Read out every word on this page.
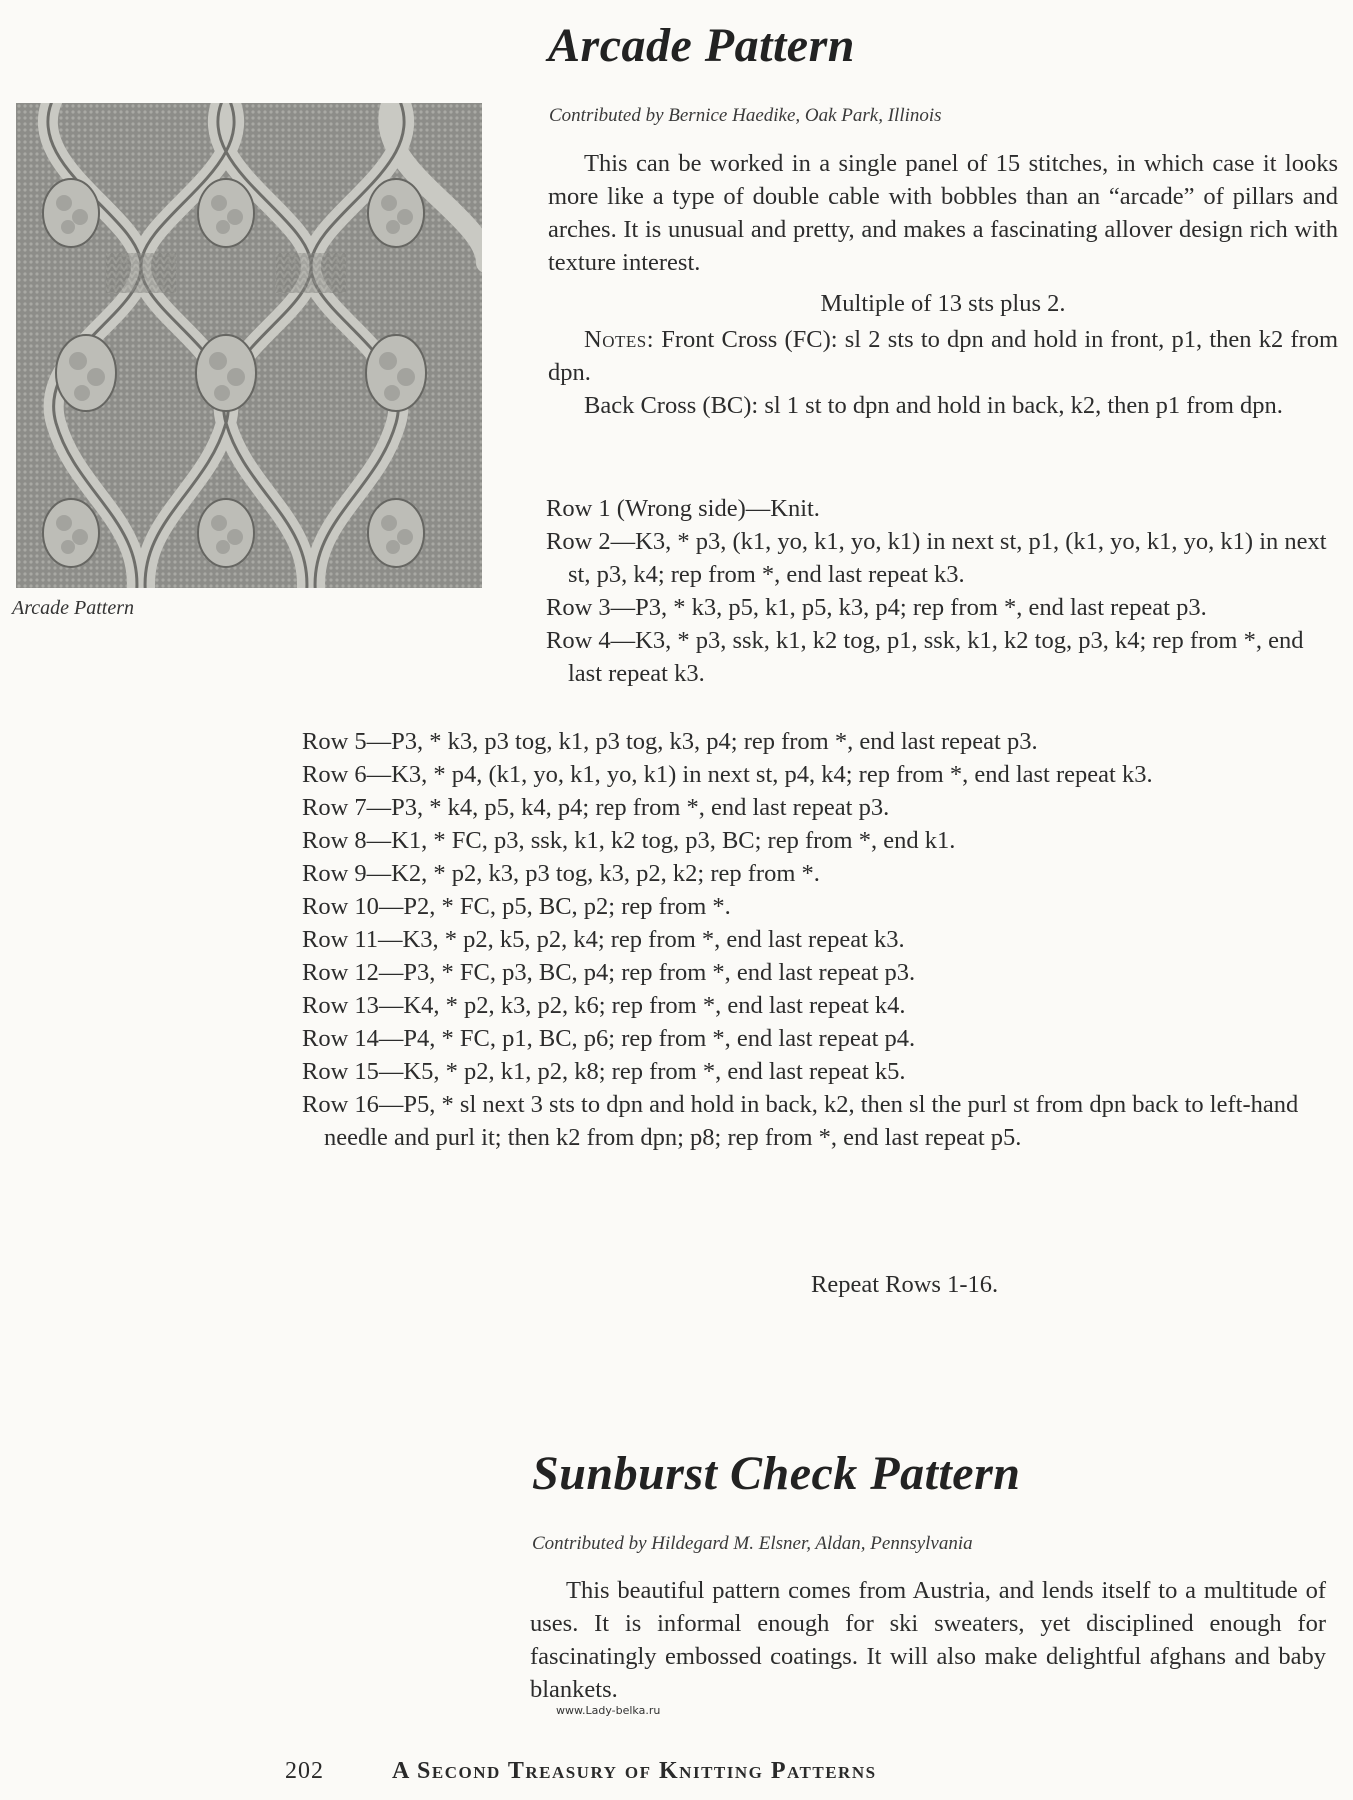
Arcade Pattern
Arcade Pattern
Contributed by Bernice Haedike, Oak Park, Illinois

This can be worked in a single panel of 15 stitches, in which case it looks more like a type of double cable with bobbles than an “arcade” of pillars and arches. It is unusual and pretty, and makes a fascinating allover design rich with texture interest.

Multiple of 13 sts plus 2.

Notes: Front Cross (FC): sl 2 sts to dpn and hold in front, p1, then k2 from dpn.

Back Cross (BC): sl 1 st to dpn and hold in back, k2, then p1 from dpn.

Row 1 (Wrong side)—Knit.

Row 2—K3, * p3, (k1, yo, k1, yo, k1) in next st, p1, (k1, yo, k1, yo, k1) in next st, p3, k4; rep from *, end last repeat k3.

Row 3—P3, * k3, p5, k1, p5, k3, p4; rep from *, end last repeat p3.

Row 4—K3, * p3, ssk, k1, k2 tog, p1, ssk, k1, k2 tog, p3, k4; rep from *, end last repeat k3.

Row 5—P3, * k3, p3 tog, k1, p3 tog, k3, p4; rep from *, end last repeat p3.

Row 6—K3, * p4, (k1, yo, k1, yo, k1) in next st, p4, k4; rep from *, end last repeat k3.

Row 7—P3, * k4, p5, k4, p4; rep from *, end last repeat p3.

Row 8—K1, * FC, p3, ssk, k1, k2 tog, p3, BC; rep from *, end k1.

Row 9—K2, * p2, k3, p3 tog, k3, p2, k2; rep from *.

Row 10—P2, * FC, p5, BC, p2; rep from *.

Row 11—K3, * p2, k5, p2, k4; rep from *, end last repeat k3.

Row 12—P3, * FC, p3, BC, p4; rep from *, end last repeat p3.

Row 13—K4, * p2, k3, p2, k6; rep from *, end last repeat k4.

Row 14—P4, * FC, p1, BC, p6; rep from *, end last repeat p4.

Row 15—K5, * p2, k1, p2, k8; rep from *, end last repeat k5.

Row 16—P5, * sl next 3 sts to dpn and hold in back, k2, then sl the purl st from dpn back to left-hand needle and purl it; then k2 from dpn; p8; rep from *, end last repeat p5.

Repeat Rows 1-16.
Sunburst Check Pattern
Contributed by Hildegard M. Elsner, Aldan, Pennsylvania

This beautiful pattern comes from Austria, and lends itself to a multitude of uses. It is informal enough for ski sweaters, yet disciplined enough for fascinatingly embossed coatings. It will also make delightful afghans and baby blankets.

www.Lady-belka.ru
202	A Second Treasury of Knitting Patterns
